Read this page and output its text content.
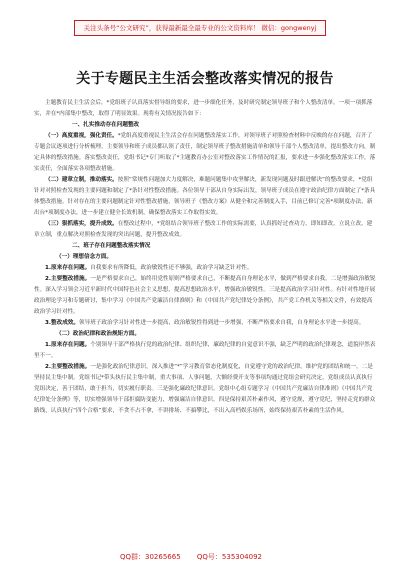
关注头条号“公文研究”，获得最新最全最专业的公文资料库！ 微信：gongwenyj
关于专题民主生活会整改落实情况的报告

主题教育民主生活会后，*党组班子认真落实督导组的要求，进一步细化任务，及时研究制定领导班子和个人整改清单。一项一项抓落实，并在*内部集中整改，取得了明显效果。现将有关情况报告如下：

一、扎实推动存在问题整改

（一）高度重视，强化责任。*党组高度重视民主生活会存在问题整改落实工作，对领导班子对照检查材料中反映的存在问题，召开了专题会议逐项进行分析梳理，主要领导和班子成员都认领了责任，制定领导班子整改措施清单和领导干部个人整改清单，提出整改方向，制定具体的整改措施。落实整改责任，党组书记*专门听取了*主题教育办公室对整改落实工作情况的汇报，要求进一步强化整改落实工作，落实责任，全面落实各项整改措施。

（二）建章立制，推动落实。按照“常规性问题加大力度解决，难题问题集中攻坚解决，新发现问题及时跟进解决”的整改要求，*党组针对对照检查发现的主要问题和制定了*条针对性整改措施。各位领导干部从自身实际出发，领导班子成员在遵守政治纪律方面制定了*条具体整改措施。针对存在的主要问题制定针对性整改措施，领导班子《整改方案》从健全和完善制度入手，目前已修订完善*项制度办法，新出台*项制度办法，进一步建立健全长效机制，确保整改落实工作取得实效。

（三）狠抓落实，提升成效。在整改过程中，*党组结合领导班子整改工作的实际需要，认真抓好过查功力，即知即改，立说立改，建章立制，重点解决对照检查发现的突出问题，提升整改成效。

二、班子存在问题整改落实情况

（一）理想信念方面。

1.原来存在问题。自我要求有所降低，政治敏锐性还不够强，政治学习缺乏针对性。

2.主要整改措施。一是严格要求自己，始终用党性原则严格要求自己，不断提高自身理论水平，做到严格要求自我。二是增强政治敏锐性。深入学习领会习近平新时代中国特色社会主义思想，提高思想政治水平，增强政治敏锐性。三是提高政治学习针对性。有针对性地开展政治理论学习和专题研讨，集中学习《中国共产党廉洁自律准则》和《中国共产党纪律处分条例》，共产党工作机关等相关文件，有效提高政治学习针对性。

3.整改成效。领导班子政治学习针对性进一步提高，政治敏锐性得到进一步增强，不断严格要求自我，自身理论水平进一步提高。

（二）政治纪律和政治规矩方面。

1.原来存在问题。个别领导干部严格执行党的政治纪律、组织纪律，廉政纪律的自觉意识不强，缺乏严明的政治纪律观念，道貌岸然表里不一。

2.主要整改措施。一是强化政治纪律意识，深入推进“*”学习教育常态化制度化，自觉遵守党的政治纪律，维护党的团结和统一。二是坚持民主集中制。党组书记*带头执行民主集中制，重大事项、人事问题，大额经费开支等事项均通过党组会研究决定，党组成员认真执行党组决定，善于团结，敢于担当，切实履行职责。三是强化廉政纪律意识。党组中心组专题学习《中国共产党廉洁自律准则》《中国共产党纪律处分条例》等，切实增强领导干部拒腐防变能力，增强廉洁自律意识。四是保持艰苦朴素作风，遵守党规，遵守党纪，坚持走党的群众路线，认真执行“四个合格”要求，不贪不占不拿，不讲排场、不搞攀比，不出入高档娱乐场所，始终保持艰苦朴素的生活作风。

QQ群：30265665 QQ号：535304092
